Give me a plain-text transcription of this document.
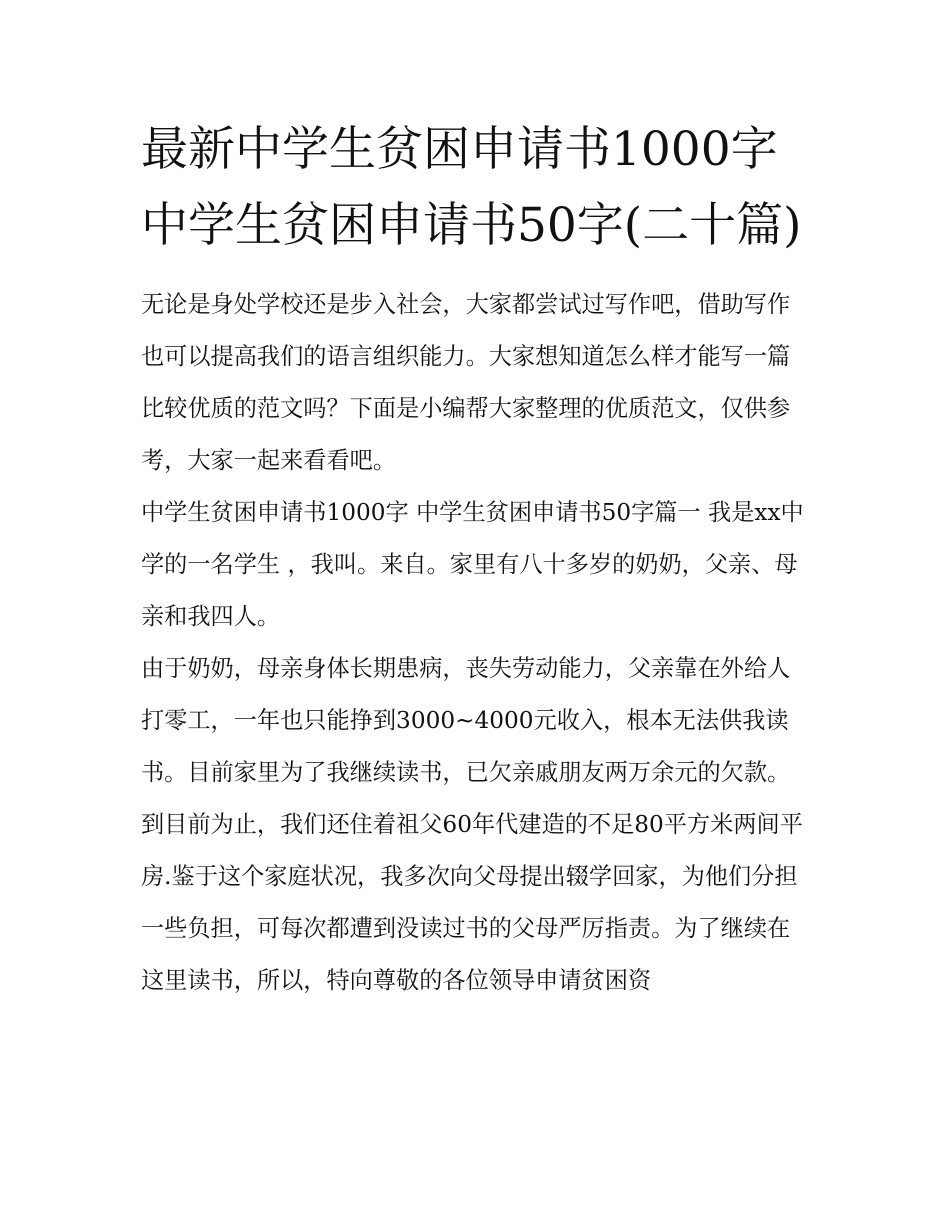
最新中学生贫困申请书1000字 中学生贫困申请书50字(二十篇)

无论是身处学校还是步入社会，大家都尝试过写作吧，借助写作也可以提高我们的语言组织能力。大家想知道怎么样才能写一篇比较优质的范文吗？下面是小编帮大家整理的优质范文，仅供参考，大家一起来看看吧。

中学生贫困申请书1000字 中学生贫困申请书50字篇一 我是xx中学的一名学生 ，我叫。来自。家里有八十多岁的奶奶，父亲、母亲和我四人。

由于奶奶，母亲身体长期患病，丧失劳动能力，父亲靠在外给人打零工，一年也只能挣到3000~4000元收入，根本无法供我读书。目前家里为了我继续读书，已欠亲戚朋友两万余元的欠款。

到目前为止，我们还住着祖父60年代建造的不足80平方米两间平房.鉴于这个家庭状况，我多次向父母提出辍学回家，为他们分担一些负担，可每次都遭到没读过书的父母严厉指责。为了继续在这里读书，所以，特向尊敬的各位领导申请贫困资
